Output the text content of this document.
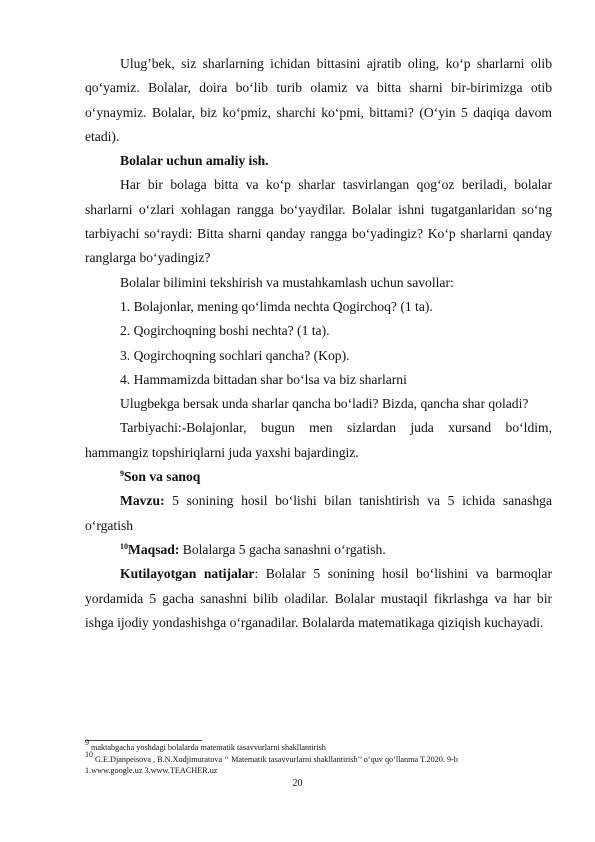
Ulug’bek, siz sharlarning ichidan bittasini ajratib oling, ko‘p sharlarni olib qo‘yamiz. Bolalar, doira bo‘lib turib olamiz va bitta sharni bir-birimizga otib o‘ynaymiz. Bolalar, biz ko‘pmiz, sharchi ko‘pmi, bittami? (O‘yin 5 daqiqa davom etadi).

Bolalar uchun amaliy ish.

Har bir bolaga bitta va ko‘p sharlar tasvirlangan qog‘oz beriladi, bolalar sharlarni o‘zlari xohlagan rangga bo‘yaydilar. Bolalar ishni tugatganlaridan so‘ng tarbiyachi so‘raydi: Bitta sharni qanday rangga bo‘yadingiz? Ko‘p sharlarni qanday ranglarga bo‘yadingiz?

Bolalar bilimini tekshirish va mustahkamlash uchun savollar:

1. Bolajonlar, mening qo‘limda nechta Qogirchoq? (1 ta).

2. Qogirchoqning boshi nechta? (1 ta).

3. Qogirchoqning sochlari qancha? (Kop).

4. Hammamizda bittadan shar bo‘lsa va biz sharlarni

Ulugbekga bersak unda sharlar qancha bo‘ladi? Bizda, qancha shar qoladi?

Tarbiyachi:-Bolajonlar, bugun men sizlardan juda xursand bo‘ldim, hammangiz topshiriqlarni juda yaxshi bajardingiz.

$^9$Son va sanoq

Mavzu: 5 sonining hosil bo‘lishi bilan tanishtirish va 5 ichida sanashga o‘rgatish

$^{10}$Maqsad: Bolalarga 5 gacha sanashni o‘rgatish.

Kutilayotgan natijalar: Bolalar 5 sonining hosil bo‘lishini va barmoqlar yordamida 5 gacha sanashni bilib oladilar. Bolalar mustaqil fikrlashga va har bir ishga ijodiy yondashishga o‘rganadilar. Bolalarda matematikaga qiziqish kuchayadi.

$^9$ maktabgacha yoshdagi bolalarda matematik tasavvurlarni shakllantirish

$^{10}$ G.E.Djanpeisova , B.N.Xodjimuratova ‘‘ Matematik tasavvurlarni shakllantirish’’ o‘quv qo‘llanma T.2020. 9-b

1.www.google.uz 3.www.TEACHER.uz

20
